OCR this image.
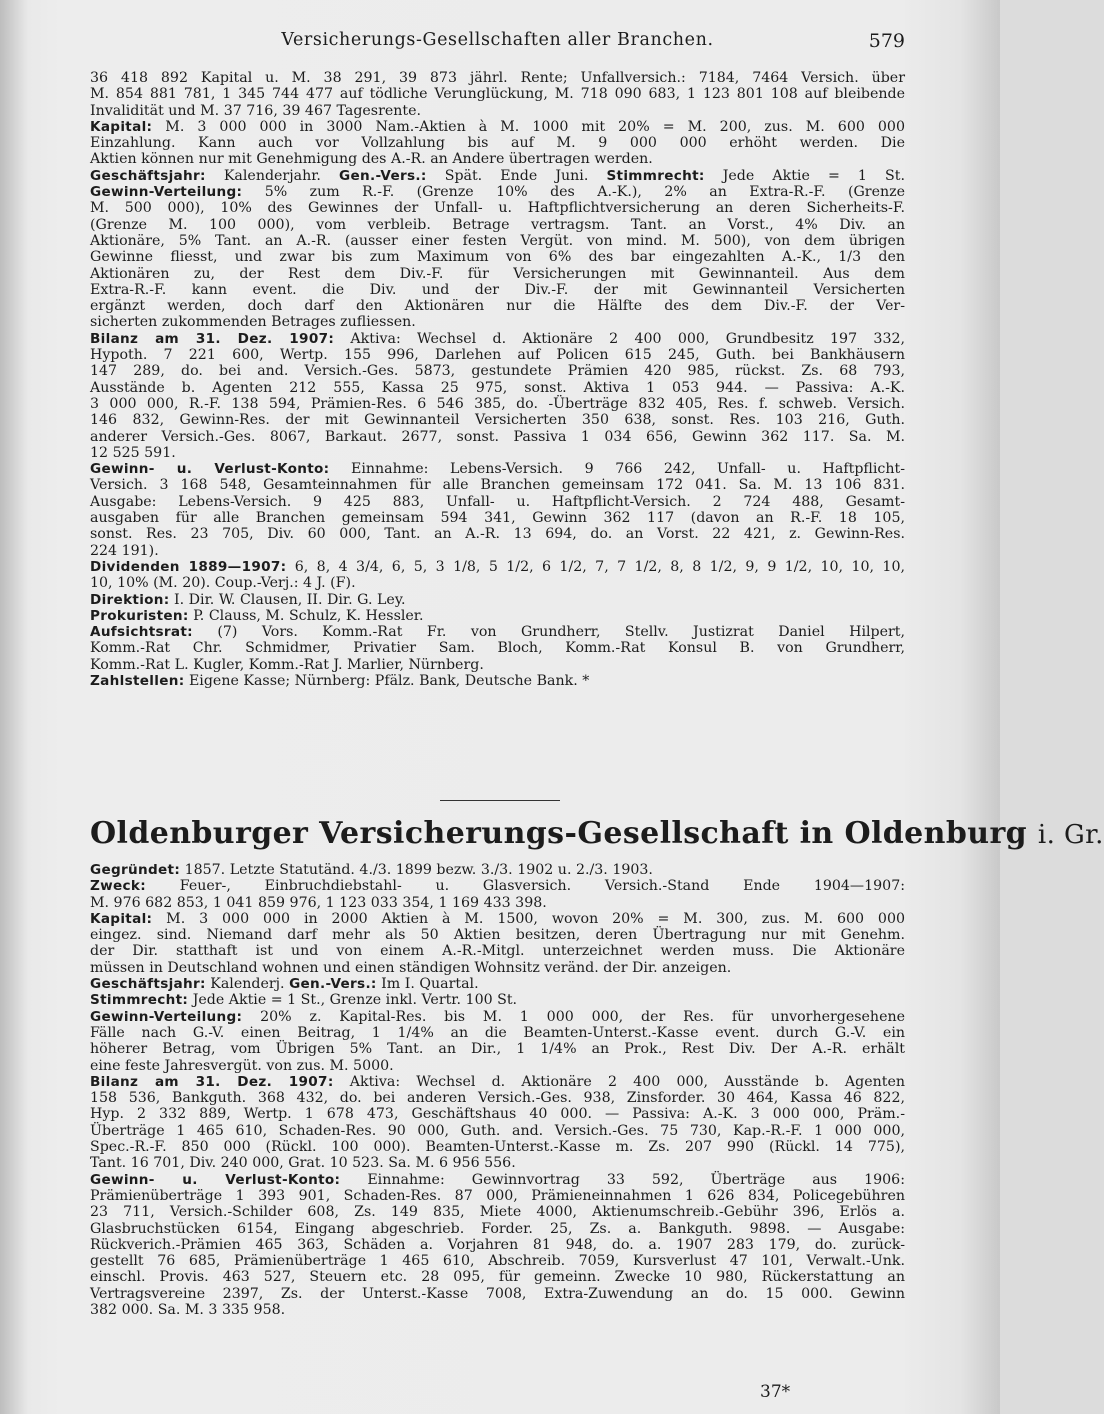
Versicherungs-Gesellschaften aller Branchen.	579
36 418 892 Kapital u. M. 38 291, 39 873 jährl. Rente; Unfallversich.: 7184, 7464 Versich. über
M. 854 881 781, 1 345 744 477 auf tödliche Verunglückung, M. 718 090 683, 1 123 801 108 auf bleibende
Invalidität und M. 37 716, 39 467 Tagesrente.
Kapital: M. 3 000 000 in 3000 Nam.-Aktien à M. 1000 mit 20% = M. 200, zus. M. 600 000
Einzahlung. Kann auch vor Vollzahlung bis auf M. 9 000 000 erhöht werden. Die
Aktien können nur mit Genehmigung des A.-R. an Andere übertragen werden.
Geschäftsjahr: Kalenderjahr. Gen.-Vers.: Spät. Ende Juni. Stimmrecht: Jede Aktie = 1 St.
Gewinn-Verteilung: 5% zum R.-F. (Grenze 10% des A.-K.), 2% an Extra-R.-F. (Grenze
M. 500 000), 10% des Gewinnes der Unfall- u. Haftpflichtversicherung an deren Sicherheits-F.
(Grenze M. 100 000), vom verbleib. Betrage vertragsm. Tant. an Vorst., 4% Div. an
Aktionäre, 5% Tant. an A.-R. (ausser einer festen Vergüt. von mind. M. 500), von dem übrigen
Gewinne fliesst, und zwar bis zum Maximum von 6% des bar eingezahlten A.-K., 1/3 den
Aktionären zu, der Rest dem Div.-F. für Versicherungen mit Gewinnanteil. Aus dem
Extra-R.-F. kann event. die Div. und der Div.-F. der mit Gewinnanteil Versicherten
ergänzt werden, doch darf den Aktionären nur die Hälfte des dem Div.-F. der Ver-
sicherten zukommenden Betrages zufliessen.
Bilanz am 31. Dez. 1907: Aktiva: Wechsel d. Aktionäre 2 400 000, Grundbesitz 197 332,
Hypoth. 7 221 600, Wertp. 155 996, Darlehen auf Policen 615 245, Guth. bei Bankhäusern
147 289, do. bei and. Versich.-Ges. 5873, gestundete Prämien 420 985, rückst. Zs. 68 793,
Ausstände b. Agenten 212 555, Kassa 25 975, sonst. Aktiva 1 053 944. — Passiva: A.-K.
3 000 000, R.-F. 138 594, Prämien-Res. 6 546 385, do. -Überträge 832 405, Res. f. schweb. Versich.
146 832, Gewinn-Res. der mit Gewinnanteil Versicherten 350 638, sonst. Res. 103 216, Guth.
anderer Versich.-Ges. 8067, Barkaut. 2677, sonst. Passiva 1 034 656, Gewinn 362 117. Sa. M.
12 525 591.
Gewinn- u. Verlust-Konto: Einnahme: Lebens-Versich. 9 766 242, Unfall- u. Haftpflicht-
Versich. 3 168 548, Gesamteinnahmen für alle Branchen gemeinsam 172 041. Sa. M. 13 106 831.
Ausgabe: Lebens-Versich. 9 425 883, Unfall- u. Haftpflicht-Versich. 2 724 488, Gesamt-
ausgaben für alle Branchen gemeinsam 594 341, Gewinn 362 117 (davon an R.-F. 18 105,
sonst. Res. 23 705, Div. 60 000, Tant. an A.-R. 13 694, do. an Vorst. 22 421, z. Gewinn-Res.
224 191).
Dividenden 1889—1907: 6, 8, 4 3/4, 6, 5, 3 1/8, 5 1/2, 6 1/2, 7, 7 1/2, 8, 8 1/2, 9, 9 1/2, 10, 10, 10,
10, 10% (M. 20). Coup.-Verj.: 4 J. (F).
Direktion: I. Dir. W. Clausen, II. Dir. G. Ley.
Prokuristen: P. Clauss, M. Schulz, K. Hessler.
Aufsichtsrat: (7) Vors. Komm.-Rat Fr. von Grundherr, Stellv. Justizrat Daniel Hilpert,
Komm.-Rat Chr. Schmidmer, Privatier Sam. Bloch, Komm.-Rat Konsul B. von Grundherr,
Komm.-Rat L. Kugler, Komm.-Rat J. Marlier, Nürnberg.
Zahlstellen: Eigene Kasse; Nürnberg: Pfälz. Bank, Deutsche Bank. *
Oldenburger Versicherungs-Gesellschaft in Oldenburg i. Gr.
Gegründet: 1857. Letzte Statutänd. 4./3. 1899 bezw. 3./3. 1902 u. 2./3. 1903.
Zweck: Feuer-, Einbruchdiebstahl- u. Glasversich. Versich.-Stand Ende 1904—1907:
M. 976 682 853, 1 041 859 976, 1 123 033 354, 1 169 433 398.
Kapital: M. 3 000 000 in 2000 Aktien à M. 1500, wovon 20% = M. 300, zus. M. 600 000
eingez. sind. Niemand darf mehr als 50 Aktien besitzen, deren Übertragung nur mit Genehm.
der Dir. statthaft ist und von einem A.-R.-Mitgl. unterzeichnet werden muss. Die Aktionäre
müssen in Deutschland wohnen und einen ständigen Wohnsitz veränd. der Dir. anzeigen.
Geschäftsjahr: Kalenderj. Gen.-Vers.: Im I. Quartal.
Stimmrecht: Jede Aktie = 1 St., Grenze inkl. Vertr. 100 St.
Gewinn-Verteilung: 20% z. Kapital-Res. bis M. 1 000 000, der Res. für unvorhergesehene
Fälle nach G.-V. einen Beitrag, 1 1/4% an die Beamten-Unterst.-Kasse event. durch G.-V. ein
höherer Betrag, vom Übrigen 5% Tant. an Dir., 1 1/4% an Prok., Rest Div. Der A.-R. erhält
eine feste Jahresvergüt. von zus. M. 5000.
Bilanz am 31. Dez. 1907: Aktiva: Wechsel d. Aktionäre 2 400 000, Ausstände b. Agenten
158 536, Bankguth. 368 432, do. bei anderen Versich.-Ges. 938, Zinsforder. 30 464, Kassa 46 822,
Hyp. 2 332 889, Wertp. 1 678 473, Geschäftshaus 40 000. — Passiva: A.-K. 3 000 000, Präm.-
Überträge 1 465 610, Schaden-Res. 90 000, Guth. and. Versich.-Ges. 75 730, Kap.-R.-F. 1 000 000,
Spec.-R.-F. 850 000 (Rückl. 100 000). Beamten-Unterst.-Kasse m. Zs. 207 990 (Rückl. 14 775),
Tant. 16 701, Div. 240 000, Grat. 10 523. Sa. M. 6 956 556.
Gewinn- u. Verlust-Konto: Einnahme: Gewinnvortrag 33 592, Überträge aus 1906:
Prämienüberträge 1 393 901, Schaden-Res. 87 000, Prämieneinnahmen 1 626 834, Policegebühren
23 711, Versich.-Schilder 608, Zs. 149 835, Miete 4000, Aktienumschreib.-Gebühr 396, Erlös a.
Glasbruchstücken 6154, Eingang abgeschrieb. Forder. 25, Zs. a. Bankguth. 9898. — Ausgabe:
Rückverich.-Prämien 465 363, Schäden a. Vorjahren 81 948, do. a. 1907 283 179, do. zurück-
gestellt 76 685, Prämienüberträge 1 465 610, Abschreib. 7059, Kursverlust 47 101, Verwalt.-Unk.
einschl. Provis. 463 527, Steuern etc. 28 095, für gemeinn. Zwecke 10 980, Rückerstattung an
Vertragsvereine 2397, Zs. der Unterst.-Kasse 7008, Extra-Zuwendung an do. 15 000. Gewinn
382 000. Sa. M. 3 335 958.
37*
